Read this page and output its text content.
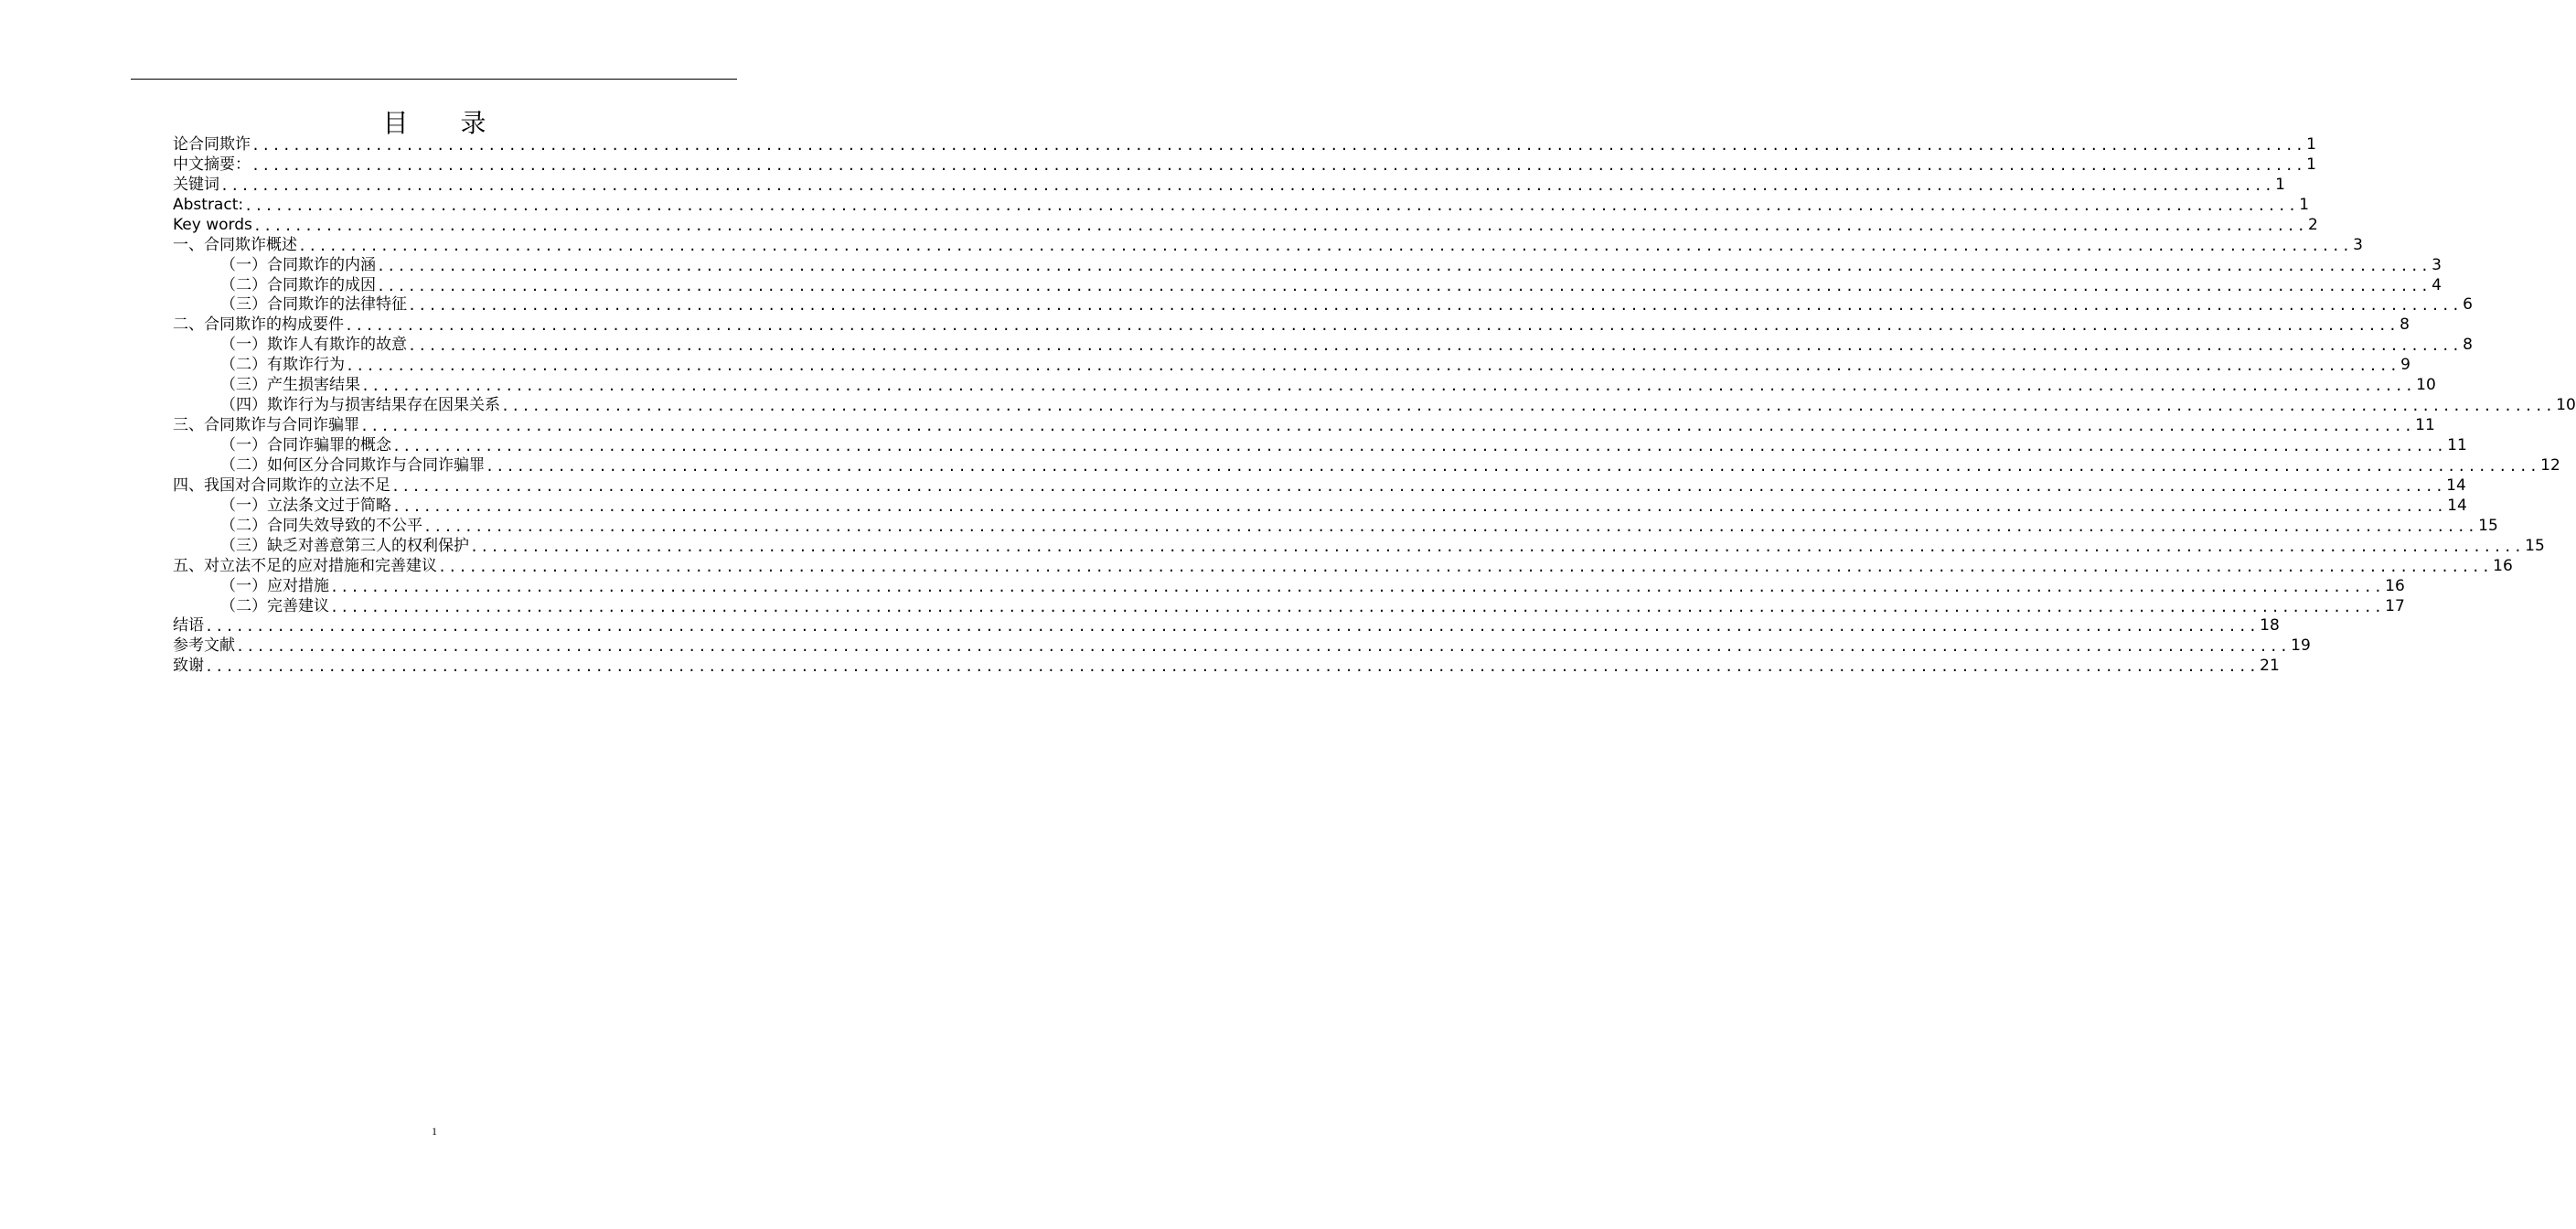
目 录
论合同欺诈 ........................................................................................................................................................................................................ 1
中文摘要： ........................................................................................................................................................................................................ 1
关键词 ........................................................................................................................................................................................................ 1
Abstract: ........................................................................................................................................................................................................ 1
Key words ........................................................................................................................................................................................................ 2
一、合同欺诈概述 ........................................................................................................................................................................................................ 3
（一）合同欺诈的内涵 ........................................................................................................................................................................................................ 3
（二）合同欺诈的成因 ........................................................................................................................................................................................................ 4
（三）合同欺诈的法律特征 ........................................................................................................................................................................................................ 6
二、合同欺诈的构成要件 ........................................................................................................................................................................................................ 8
（一）欺诈人有欺诈的故意 ........................................................................................................................................................................................................ 8
（二）有欺诈行为 ........................................................................................................................................................................................................ 9
（三）产生损害结果 ........................................................................................................................................................................................................ 10
（四）欺诈行为与损害结果存在因果关系 ........................................................................................................................................................................................................ 10
三、合同欺诈与合同诈骗罪 ........................................................................................................................................................................................................ 11
（一）合同诈骗罪的概念 ........................................................................................................................................................................................................ 11
（二）如何区分合同欺诈与合同诈骗罪 ........................................................................................................................................................................................................ 12
四、我国对合同欺诈的立法不足 ........................................................................................................................................................................................................ 14
（一）立法条文过于简略 ........................................................................................................................................................................................................ 14
（二）合同失效导致的不公平 ........................................................................................................................................................................................................ 15
（三）缺乏对善意第三人的权利保护 ........................................................................................................................................................................................................ 15
五、对立法不足的应对措施和完善建议 ........................................................................................................................................................................................................ 16
（一）应对措施 ........................................................................................................................................................................................................ 16
（二）完善建议 ........................................................................................................................................................................................................ 17
结语 ........................................................................................................................................................................................................ 18
参考文献 ........................................................................................................................................................................................................ 19
致谢 ........................................................................................................................................................................................................ 21
1
